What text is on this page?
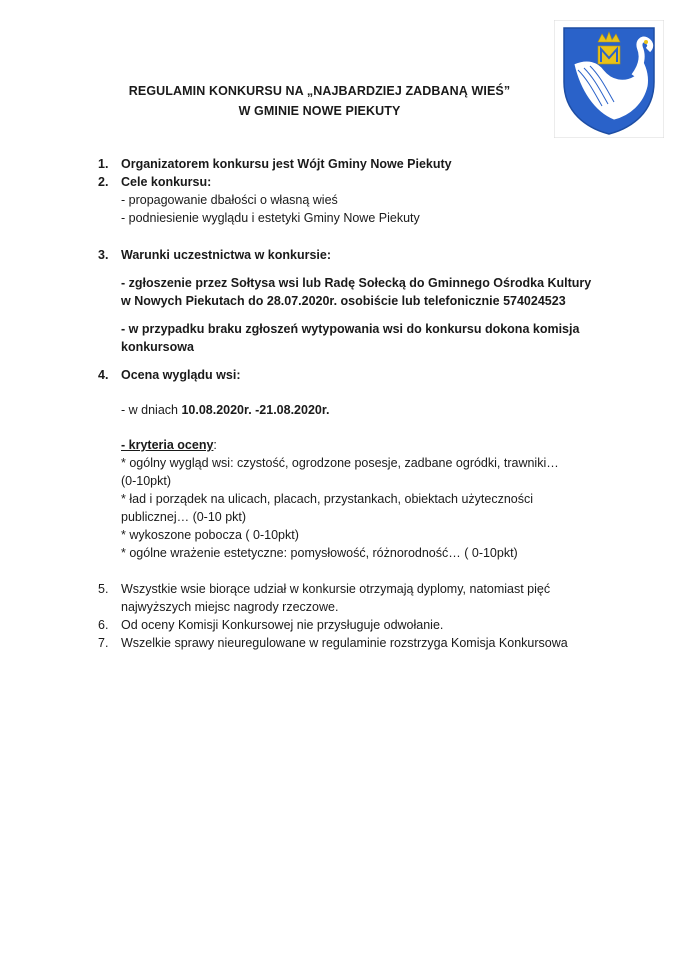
REGULAMIN KONKURSU NA „NAJBARDZIEJ ZADBANĄ WIEŚ”
W GMINIE NOWE PIEKUTY
1. Organizatorem konkursu jest Wójt Gminy Nowe Piekuty
2. Cele konkursu:
- propagowanie dbałości o własną wieś
- podniesienie wyglądu i estetyki Gminy Nowe Piekuty
3. Warunki uczestnictwa w konkursie:
- zgłoszenie przez Sołtysa wsi lub Radę Sołecką do Gminnego Ośrodka Kultury
w Nowych Piekutach do 28.07.2020r. osobiście lub telefonicznie 574024523
- w przypadku braku zgłoszeń wytypowania wsi do konkursu dokona komisja
konkursowa
4. Ocena wyglądu wsi:
- w dniach 10.08.2020r. -21.08.2020r.
- kryteria oceny:
* ogólny wygląd wsi: czystość, ogrodzone posesje, zadbane ogródki, trawniki…
(0-10pkt)
* ład i porządek na ulicach, placach, przystankach, obiektach użyteczności
publicznej… (0-10 pkt)
* wykoszone pobocza ( 0-10pkt)
* ogólne wrażenie estetyczne: pomysłowość, różnorodność… ( 0-10pkt)
5. Wszystkie wsie biorące udział w konkursie otrzymają dyplomy, natomiast pięć
najwyższych miejsc nagrody rzeczowe.
6. Od oceny Komisji Konkursowej nie przysługuje odwołanie.
7. Wszelkie sprawy nieuregulowane w regulaminie rozstrzyga Komisja Konkursowa
